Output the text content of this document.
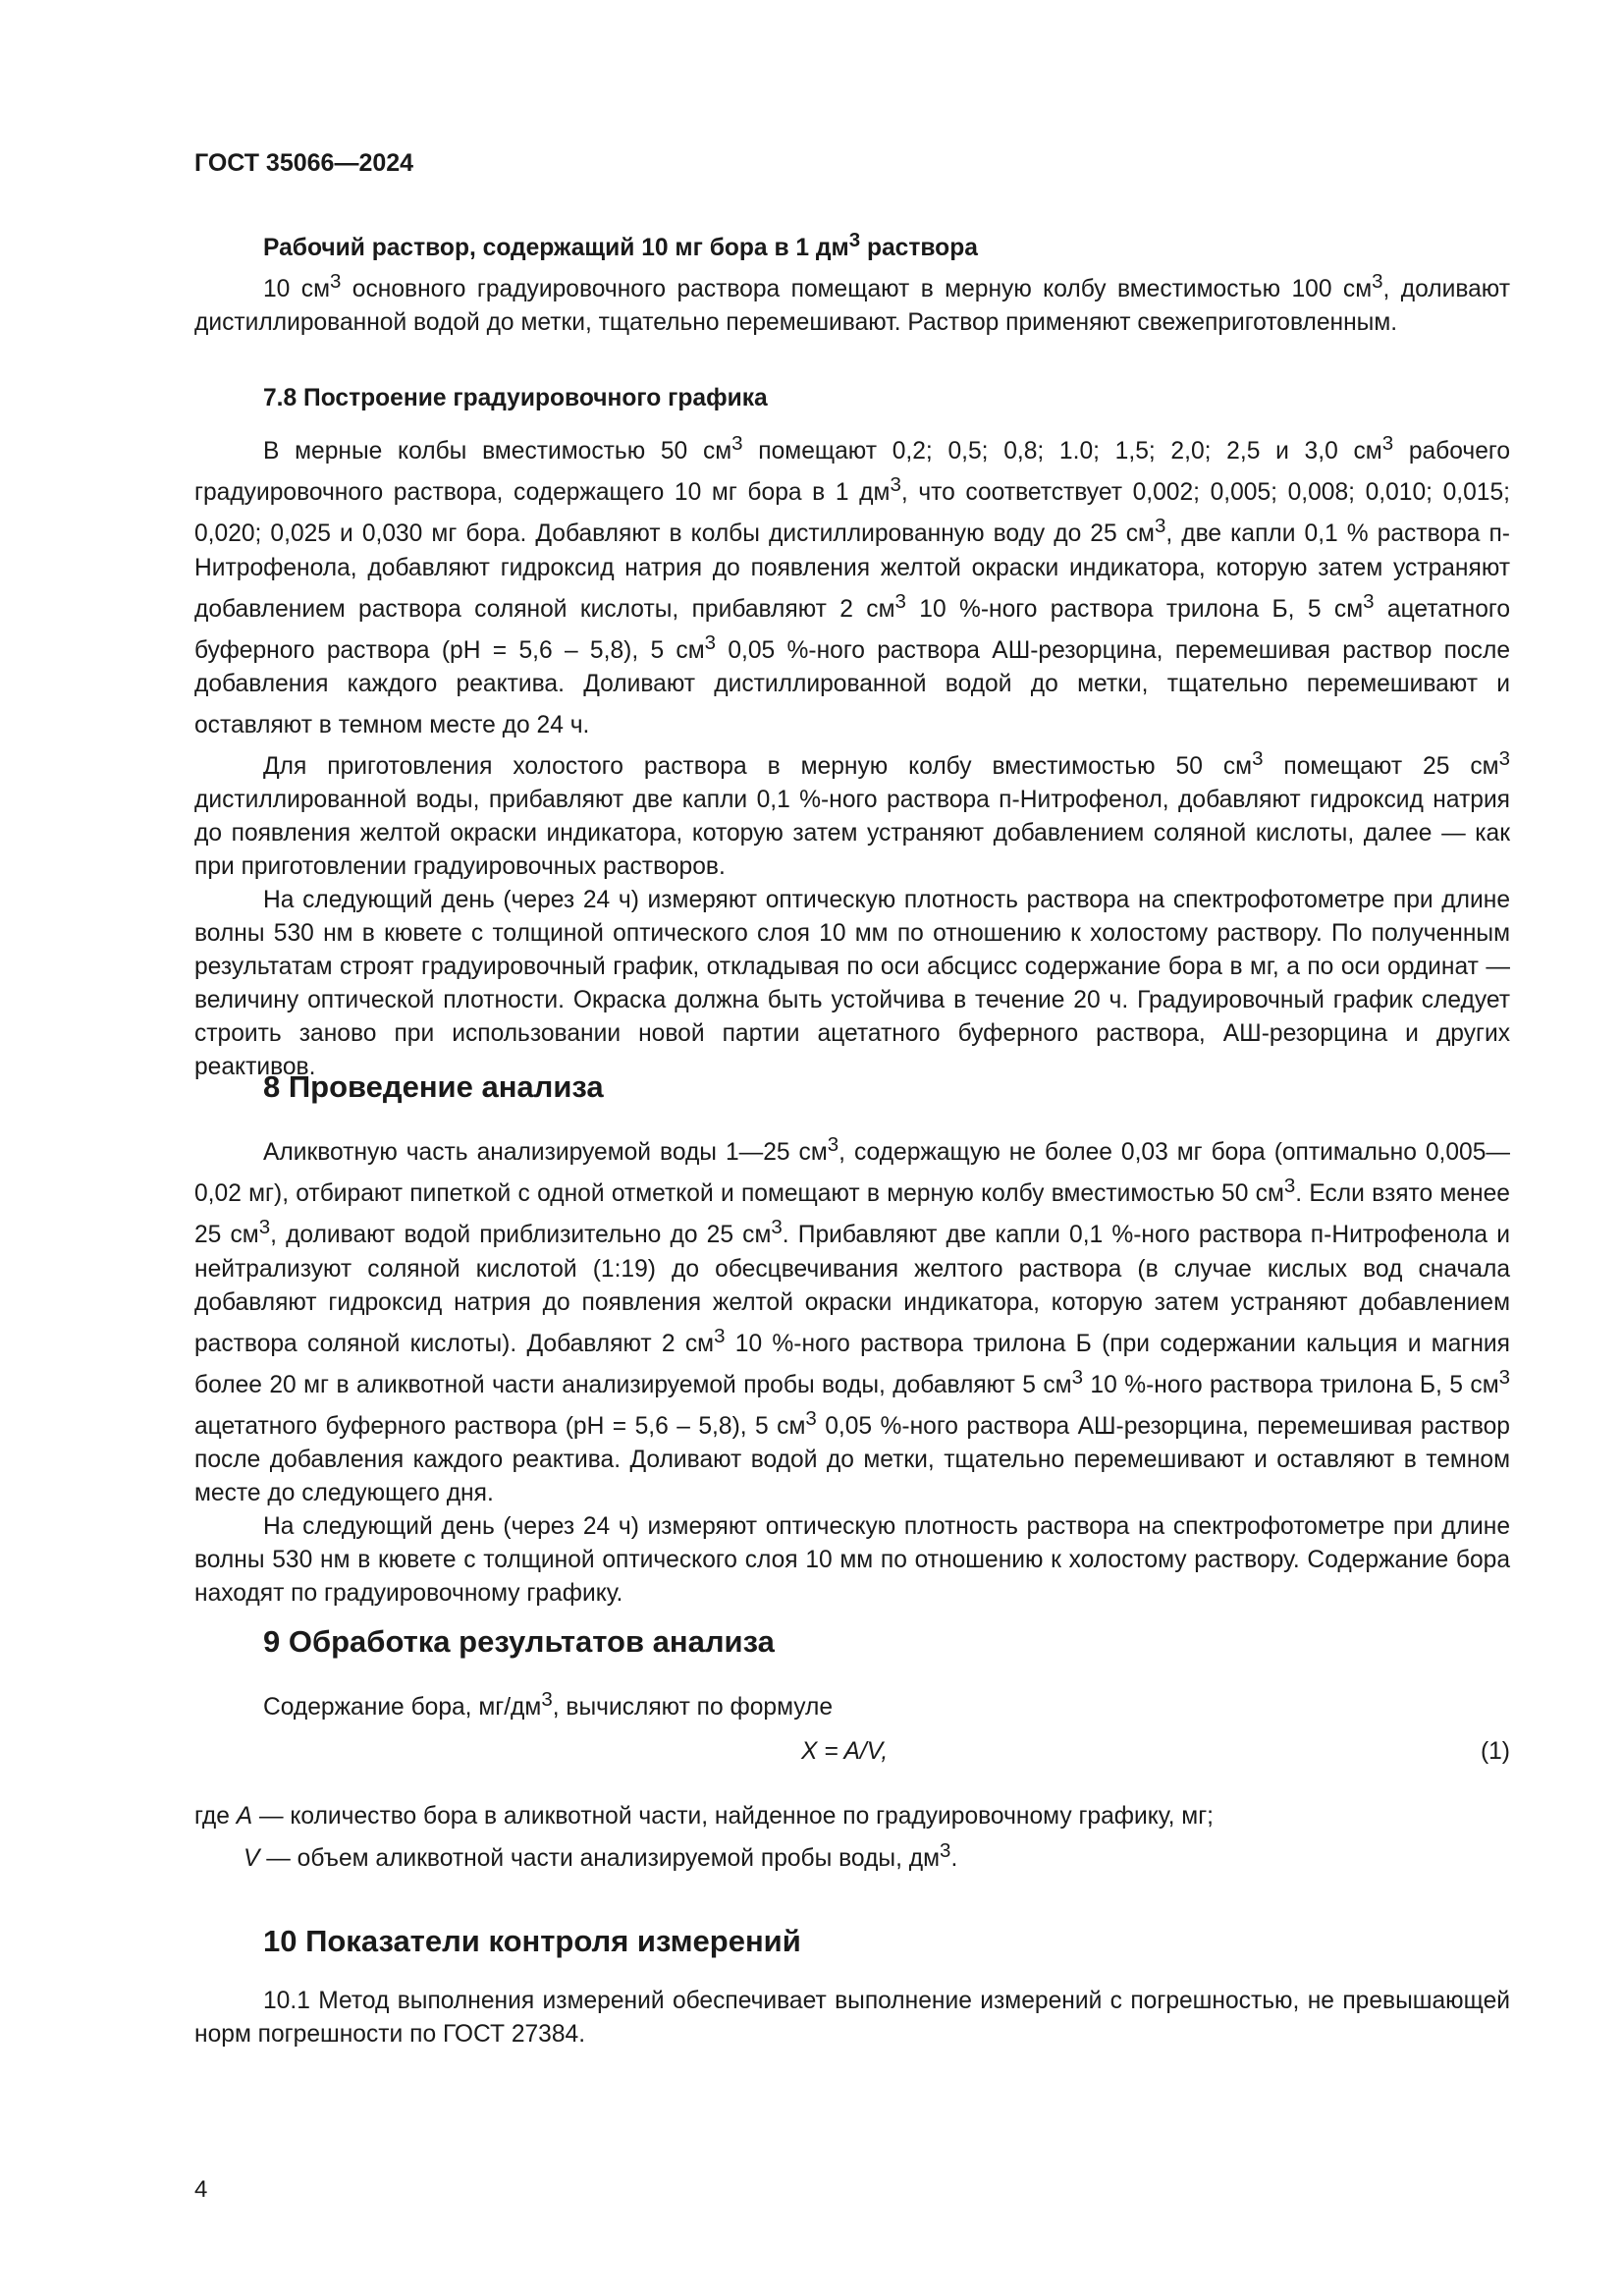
ГОСТ 35066—2024
Рабочий раствор, содержащий 10 мг бора в 1 $дм^3$ раствора

10 $см^3$ основного градуировочного раствора помещают в мерную колбу вместимостью 100 $см^3$, доливают дистиллированной водой до метки, тщательно перемешивают. Раствор применяют свежеприготовленным.

7.8 Построение градуировочного графика

В мерные колбы вместимостью 50 $см^3$ помещают 0,2; 0,5; 0,8; 1.0; 1,5; 2,0; 2,5 и 3,0 $см^3$ рабочего градуировочного раствора, содержащего 10 мг бора в 1 $дм^3$, что соответствует 0,002; 0,005; 0,008; 0,010; 0,015; 0,020; 0,025 и 0,030 мг бора. Добавляют в колбы дистиллированную воду до 25 $см^3$, две капли 0,1 % раствора п-Нитрофенола, добавляют гидроксид натрия до появления желтой окраски индикатора, которую затем устраняют добавлением раствора соляной кислоты, прибавляют 2 $см^3$ 10 %-ного раствора трилона Б, 5 $см^3$ ацетатного буферного раствора (pH = 5,6 – 5,8), 5 $см^3$ 0,05 %-ного раствора АШ-резорцина, перемешивая раствор после добавления каждого реактива. Доливают дистиллированной водой до метки, тщательно перемешивают и оставляют в темном месте до 24 ч.

Для приготовления холостого раствора в мерную колбу вместимостью 50 $см^3$ помещают 25 $см^3$ дистиллированной воды, прибавляют две капли 0,1 %-ного раствора п-Нитрофенол, добавляют гидроксид натрия до появления желтой окраски индикатора, которую затем устраняют добавлением соляной кислоты, далее — как при приготовлении градуировочных растворов.

На следующий день (через 24 ч) измеряют оптическую плотность раствора на спектрофотометре при длине волны 530 нм в кювете с толщиной оптического слоя 10 мм по отношению к холостому раствору. По полученным результатам строят градуировочный график, откладывая по оси абсцисс содержание бора в мг, а по оси ординат — величину оптической плотности. Окраска должна быть устойчива в течение 20 ч. Градуировочный график следует строить заново при использовании новой партии ацетатного буферного раствора, АШ-резорцина и других реактивов.

8 Проведение анализа

Аликвотную часть анализируемой воды 1—25 $см^3$, содержащую не более 0,03 мг бора (оптимально 0,005—0,02 мг), отбирают пипеткой с одной отметкой и помещают в мерную колбу вместимостью 50 $см^3$. Если взято менее 25 $см^3$, доливают водой приблизительно до 25 $см^3$. Прибавляют две капли 0,1 %-ного раствора п-Нитрофенола и нейтрализуют соляной кислотой (1:19) до обесцвечивания желтого раствора (в случае кислых вод сначала добавляют гидроксид натрия до появления желтой окраски индикатора, которую затем устраняют добавлением раствора соляной кислоты). Добавляют 2 $см^3$ 10 %-ного раствора трилона Б (при содержании кальция и магния более 20 мг в аликвотной части анализируемой пробы воды, добавляют 5 $см^3$ 10 %-ного раствора трилона Б, 5 $см^3$ ацетатного буферного раствора (pH = 5,6 – 5,8), 5 $см^3$ 0,05 %-ного раствора АШ-резорцина, перемешивая раствор после добавления каждого реактива. Доливают водой до метки, тщательно перемешивают и оставляют в темном месте до следующего дня.

На следующий день (через 24 ч) измеряют оптическую плотность раствора на спектрофотометре при длине волны 530 нм в кювете с толщиной оптического слоя 10 мм по отношению к холостому раствору. Содержание бора находят по градуировочному графику.

9 Обработка результатов анализа

Содержание бора, $мг/дм^3$, вычисляют по формуле

X = A/V,	(1)
где A — количество бора в аликвотной части, найденное по градуировочному графику, мг;
V — объем аликвотной части анализируемой пробы воды, $дм^3$.
10 Показатели контроля измерений

10.1 Метод выполнения измерений обеспечивает выполнение измерений с погрешностью, не превышающей норм погрешности по ГОСТ 27384.

4
